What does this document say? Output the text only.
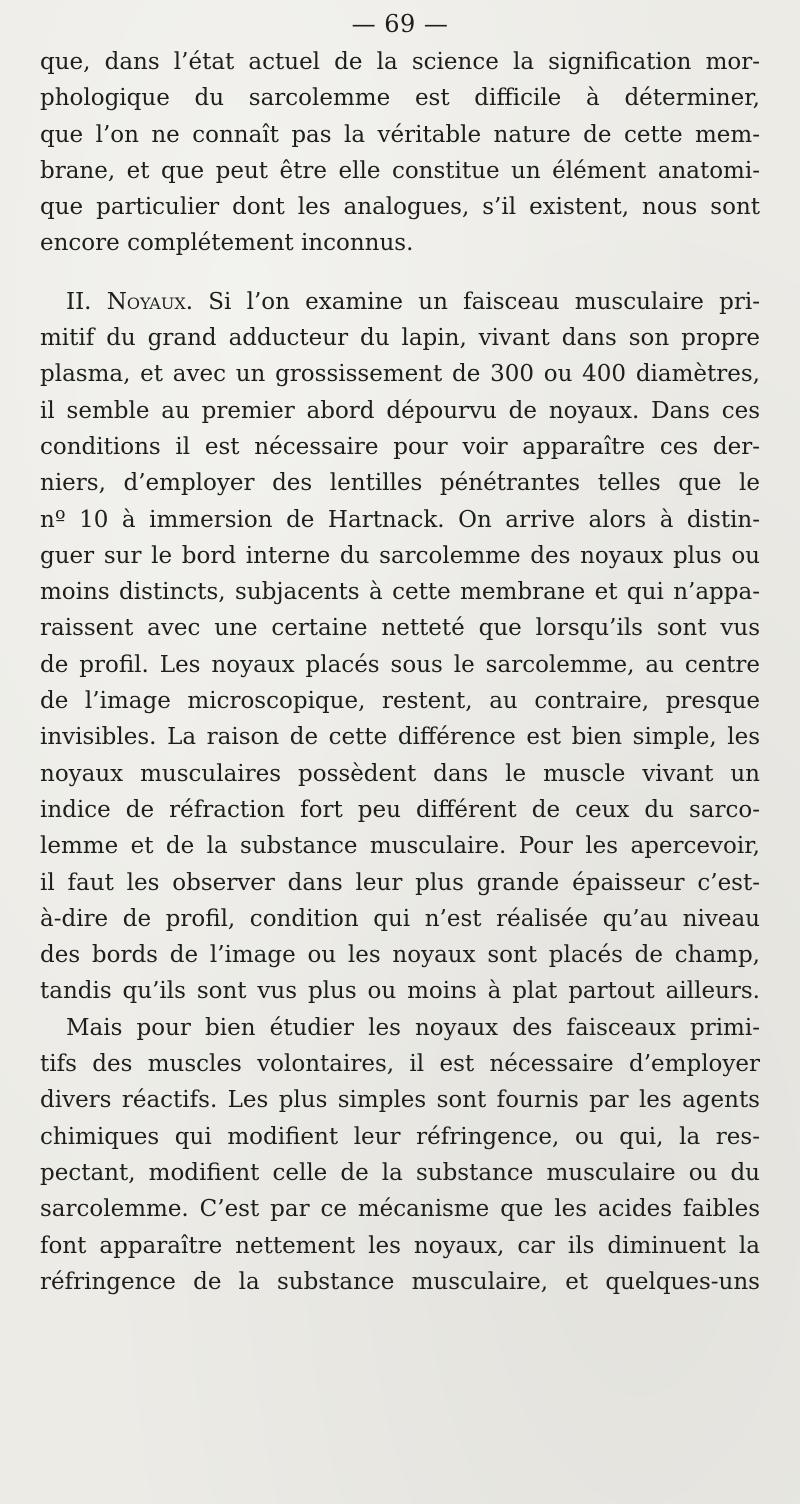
— 69 —

que, dans l’état actuel de la science la signification mor-
phologique du sarcolemme est difficile à déterminer,
que l’on ne connaît pas la véritable nature de cette mem-
brane, et que peut être elle constitue un élément anatomi-
que particulier dont les analogues, s’il existent, nous sont
encore complétement inconnus.

II. Noyaux. Si l’on examine un faisceau musculaire pri-
mitif du grand adducteur du lapin, vivant dans son propre
plasma, et avec un grossissement de 300 ou 400 diamètres,
il semble au premier abord dépourvu de noyaux. Dans ces
conditions il est nécessaire pour voir apparaître ces der-
niers, d’employer des lentilles pénétrantes telles que le
nº 10 à immersion de Hartnack. On arrive alors à distin-
guer sur le bord interne du sarcolemme des noyaux plus ou
moins distincts, subjacents à cette membrane et qui n’appa-
raissent avec une certaine netteté que lorsqu’ils sont vus
de profil. Les noyaux placés sous le sarcolemme, au centre
de l’image microscopique, restent, au contraire, presque
invisibles. La raison de cette différence est bien simple, les
noyaux musculaires possèdent dans le muscle vivant un
indice de réfraction fort peu différent de ceux du sarco-
lemme et de la substance musculaire. Pour les apercevoir,
il faut les observer dans leur plus grande épaisseur c’est-
à-dire de profil, condition qui n’est réalisée qu’au niveau
des bords de l’image ou les noyaux sont placés de champ,
tandis qu’ils sont vus plus ou moins à plat partout ailleurs.

Mais pour bien étudier les noyaux des faisceaux primi-
tifs des muscles volontaires, il est nécessaire d’employer
divers réactifs. Les plus simples sont fournis par les agents
chimiques qui modifient leur réfringence, ou qui, la res-
pectant, modifient celle de la substance musculaire ou du
sarcolemme. C’est par ce mécanisme que les acides faibles
font apparaître nettement les noyaux, car ils diminuent la
réfringence de la substance musculaire, et quelques-uns
